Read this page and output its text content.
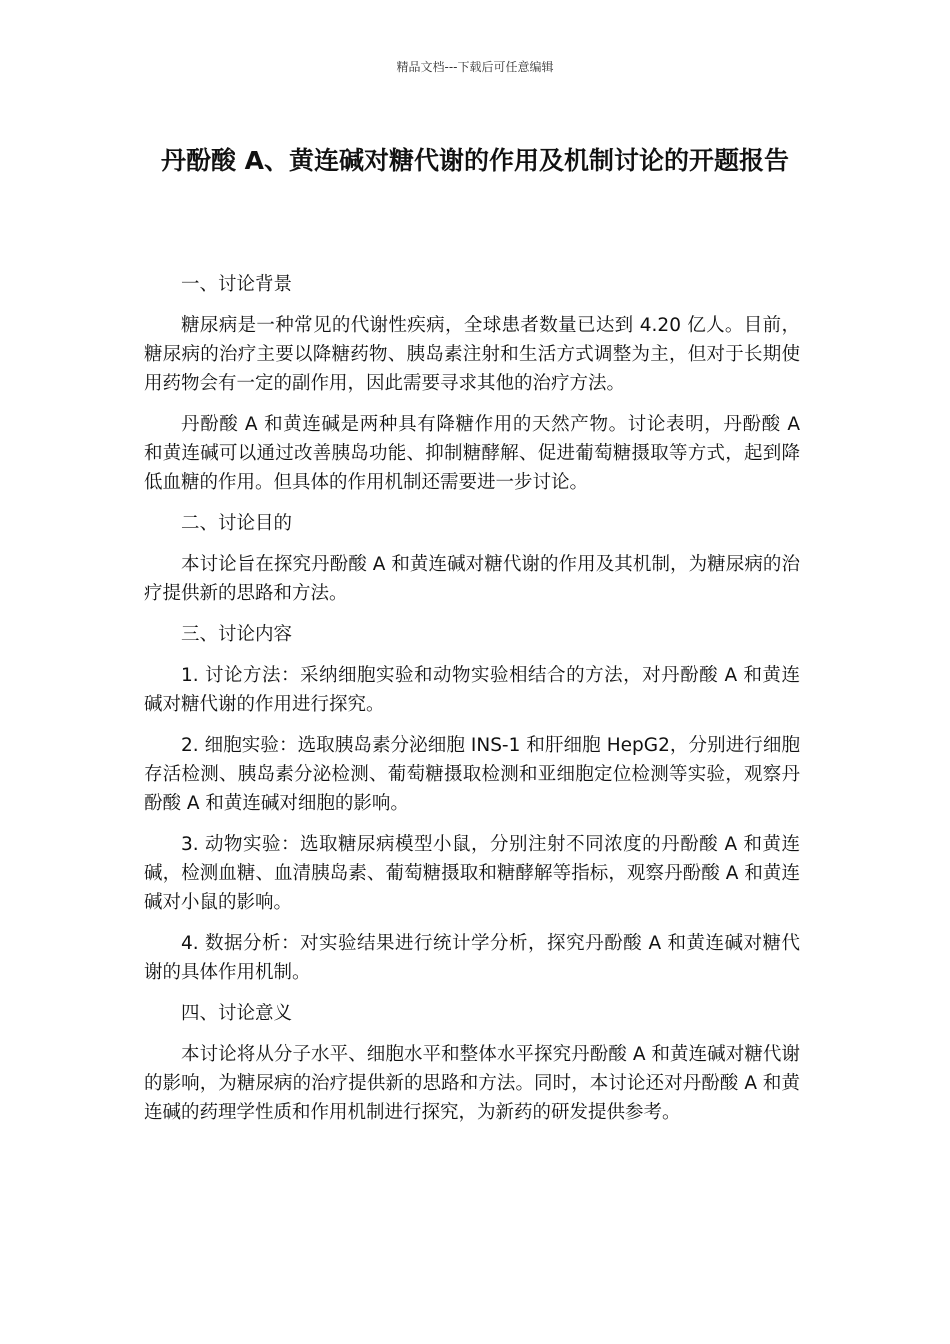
精品文档---下载后可任意编辑
丹酚酸 A、黄连碱对糖代谢的作用及机制讨论的开题报告

一、讨论背景

糖尿病是一种常见的代谢性疾病，全球患者数量已达到 4.20 亿人。目前，糖尿病的治疗主要以降糖药物、胰岛素注射和生活方式调整为主，但对于长期使用药物会有一定的副作用，因此需要寻求其他的治疗方法。

丹酚酸 A 和黄连碱是两种具有降糖作用的天然产物。讨论表明，丹酚酸 A 和黄连碱可以通过改善胰岛功能、抑制糖酵解、促进葡萄糖摄取等方式，起到降低血糖的作用。但具体的作用机制还需要进一步讨论。

二、讨论目的

本讨论旨在探究丹酚酸 A 和黄连碱对糖代谢的作用及其机制，为糖尿病的治疗提供新的思路和方法。

三、讨论内容

1. 讨论方法：采纳细胞实验和动物实验相结合的方法，对丹酚酸 A 和黄连碱对糖代谢的作用进行探究。

2. 细胞实验：选取胰岛素分泌细胞 INS-1 和肝细胞 HepG2，分别进行细胞存活检测、胰岛素分泌检测、葡萄糖摄取检测和亚细胞定位检测等实验，观察丹酚酸 A 和黄连碱对细胞的影响。

3. 动物实验：选取糖尿病模型小鼠，分别注射不同浓度的丹酚酸 A 和黄连碱，检测血糖、血清胰岛素、葡萄糖摄取和糖酵解等指标，观察丹酚酸 A 和黄连碱对小鼠的影响。

4. 数据分析：对实验结果进行统计学分析，探究丹酚酸 A 和黄连碱对糖代谢的具体作用机制。

四、讨论意义

本讨论将从分子水平、细胞水平和整体水平探究丹酚酸 A 和黄连碱对糖代谢的影响，为糖尿病的治疗提供新的思路和方法。同时，本讨论还对丹酚酸 A 和黄连碱的药理学性质和作用机制进行探究，为新药的研发提供参考。
